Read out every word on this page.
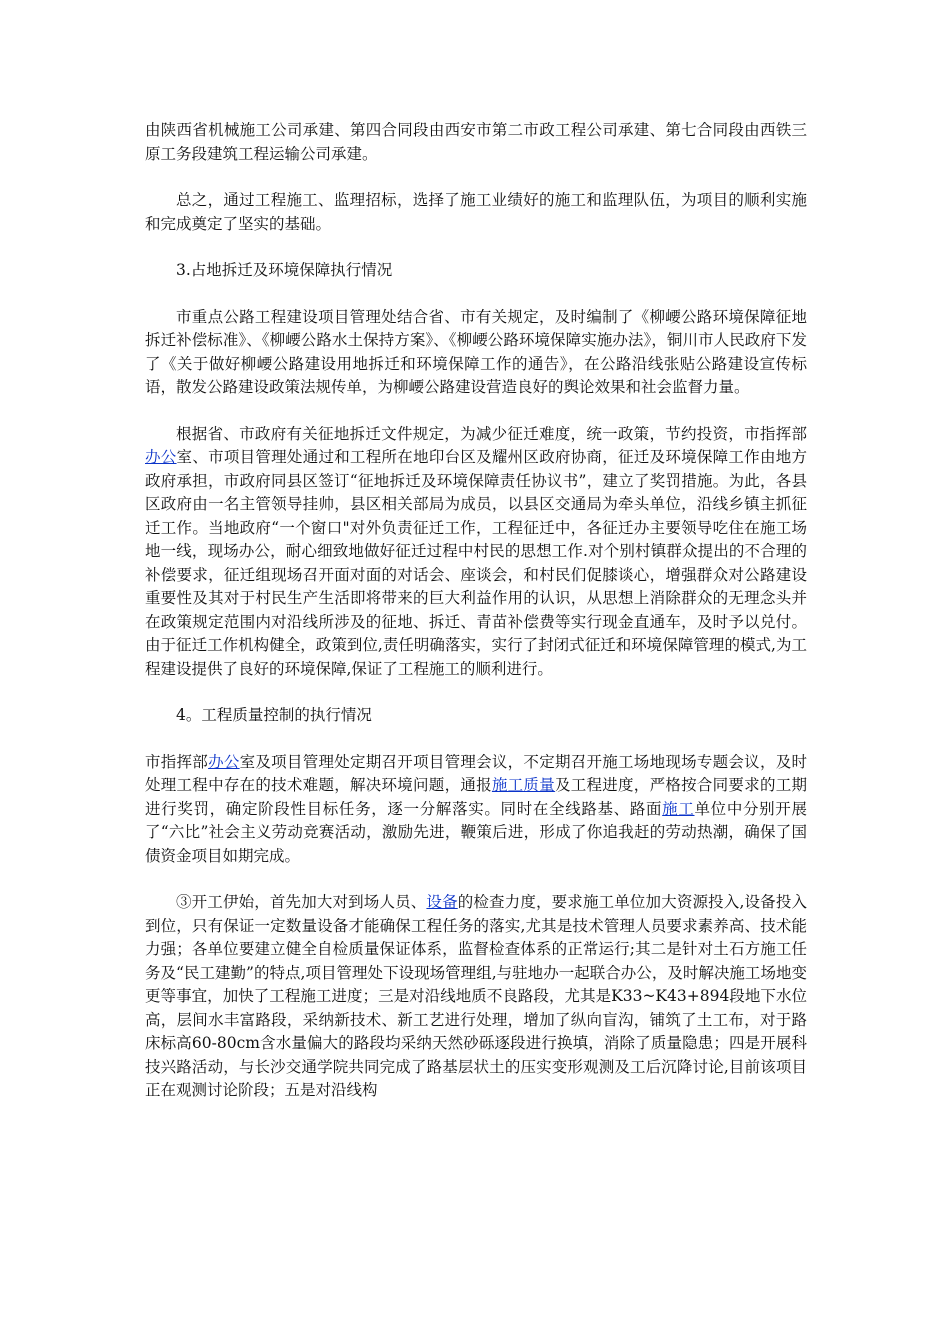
由陕西省机械施工公司承建、第四合同段由西安市第二市政工程公司承建、第七合同段由西铁三原工务段建筑工程运输公司承建。

总之，通过工程施工、监理招标，选择了施工业绩好的施工和监理队伍，为项目的顺利实施和完成奠定了坚实的基础。

3.占地拆迁及环境保障执行情况

市重点公路工程建设项目管理处结合省、市有关规定，及时编制了《柳崾公路环境保障征地拆迁补偿标准》、《柳崾公路水土保持方案》、《柳崾公路环境保障实施办法》，铜川市人民政府下发了《关于做好柳崾公路建设用地拆迁和环境保障工作的通告》，在公路沿线张贴公路建设宣传标语，散发公路建设政策法规传单，为柳崾公路建设营造良好的舆论效果和社会监督力量。

根据省、市政府有关征地拆迁文件规定，为减少征迁难度，统一政策，节约投资，市指挥部办公室、市项目管理处通过和工程所在地印台区及耀州区政府协商，征迁及环境保障工作由地方政府承担，市政府同县区签订“征地拆迁及环境保障责任协议书”，建立了奖罚措施。为此，各县区政府由一名主管领导挂帅，县区相关部局为成员，以县区交通局为牵头单位，沿线乡镇主抓征迁工作。当地政府“一个窗口"对外负责征迁工作，工程征迁中，各征迁办主要领导吃住在施工场地一线，现场办公，耐心细致地做好征迁过程中村民的思想工作.对个别村镇群众提出的不合理的补偿要求，征迁组现场召开面对面的对话会、座谈会，和村民们促膝谈心，增强群众对公路建设重要性及其对于村民生产生活即将带来的巨大利益作用的认识，从思想上消除群众的无理念头并在政策规定范围内对沿线所涉及的征地、拆迁、青苗补偿费等实行现金直通车，及时予以兑付。由于征迁工作机构健全，政策到位,责任明确落实，实行了封闭式征迁和环境保障管理的模式,为工程建设提供了良好的环境保障,保证了工程施工的顺利进行。

4。工程质量控制的执行情况

市指挥部办公室及项目管理处定期召开项目管理会议，不定期召开施工场地现场专题会议，及时处理工程中存在的技术难题，解决环境问题，通报施工质量及工程进度，严格按合同要求的工期进行奖罚，确定阶段性目标任务，逐一分解落实。同时在全线路基、路面施工单位中分别开展了“六比”社会主义劳动竞赛活动，激励先进，鞭策后进，形成了你追我赶的劳动热潮，确保了国债资金项目如期完成。

③开工伊始，首先加大对到场人员、设备的检查力度，要求施工单位加大资源投入,设备投入到位，只有保证一定数量设备才能确保工程任务的落实,尤其是技术管理人员要求素养高、技术能力强；各单位要建立健全自检质量保证体系，监督检查体系的正常运行;其二是针对土石方施工任务及“民工建勤”的特点,项目管理处下设现场管理组,与驻地办一起联合办公，及时解决施工场地变更等事宜，加快了工程施工进度；三是对沿线地质不良路段，尤其是K33~K43+894段地下水位高，层间水丰富路段，采纳新技术、新工艺进行处理，增加了纵向盲沟，铺筑了土工布，对于路床标高60-80cm含水量偏大的路段均采纳天然砂砾逐段进行换填，消除了质量隐患；四是开展科技兴路活动，与长沙交通学院共同完成了路基层状土的压实变形观测及工后沉降讨论,目前该项目正在观测讨论阶段；五是对沿线构
